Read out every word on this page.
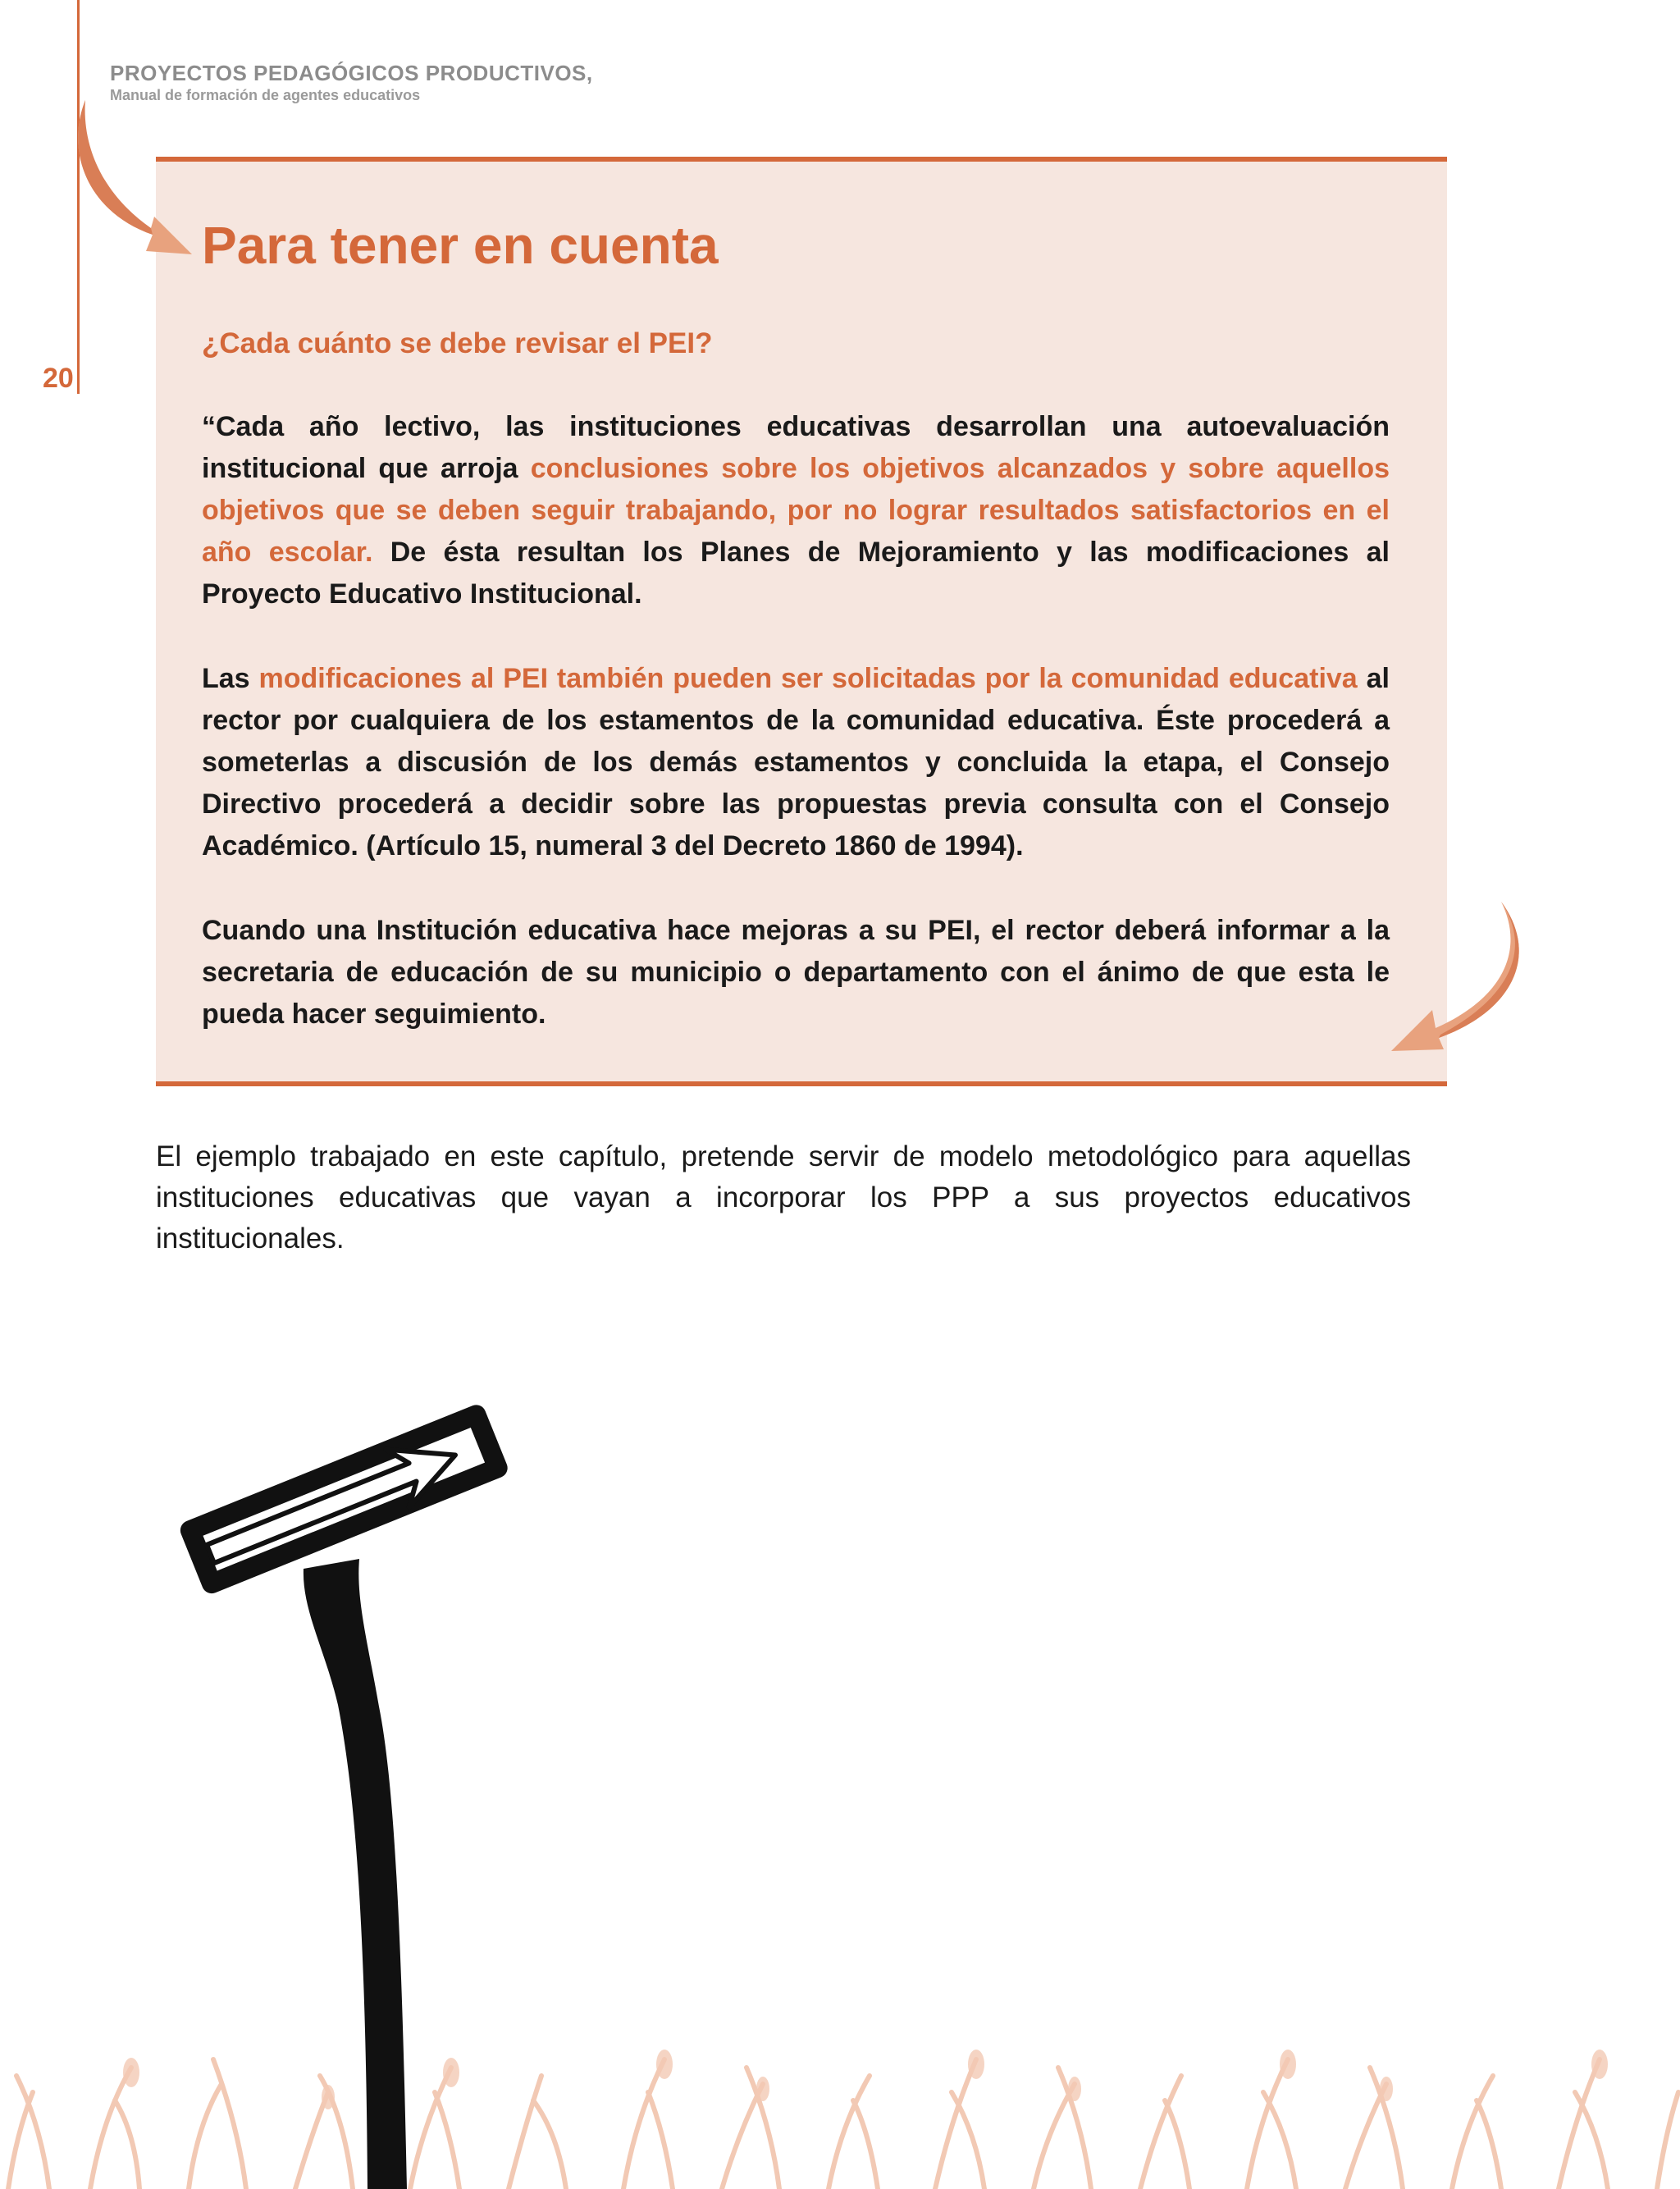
PROYECTOS PEDAGÓGICOS PRODUCTIVOS,
Manual de formación de agentes educativos
20
Para tener en cuenta
¿Cada cuánto se debe revisar el PEI?

“Cada año lectivo, las instituciones educativas desarrollan una autoevaluación institucional que arroja conclusiones sobre los objetivos alcanzados y sobre aquellos objetivos que se deben seguir trabajando, por no lograr resultados satisfactorios en el año escolar. De ésta resultan los Planes de Mejoramiento y las modificaciones al Proyecto Educativo Institucional.

Las modificaciones al PEI también pueden ser solicitadas por la comunidad educativa al rector por cualquiera de los estamentos de la comunidad educativa. Éste procederá a someterlas a discusión de los demás estamentos y concluida la etapa, el Consejo Directivo procederá a decidir sobre las propuestas previa consulta con el Consejo Académico. (Artículo 15, numeral 3 del Decreto 1860 de 1994).

Cuando una Institución educativa hace mejoras a su PEI, el rector deberá informar a la secretaria de educación de su municipio o departamento con el ánimo de que esta le pueda hacer seguimiento.

El ejemplo trabajado en este capítulo, pretende servir de modelo metodológico para aquellas instituciones educativas que vayan a incorporar los PPP a sus proyectos educativos institucionales.
